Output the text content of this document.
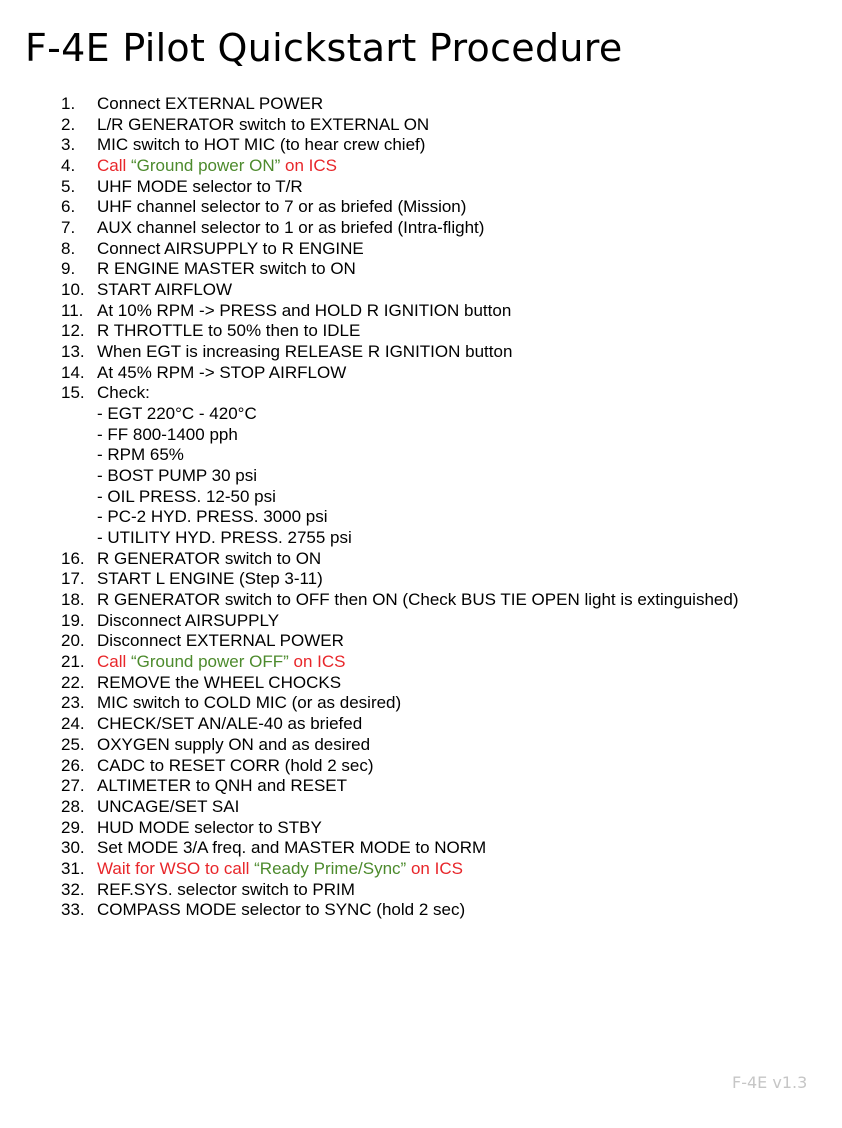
F-4E Pilot Quickstart Procedure
1. Connect EXTERNAL POWER
2. L/R GENERATOR switch to EXTERNAL ON
3. MIC switch to HOT MIC (to hear crew chief)
4. Call “Ground power ON” on ICS
5. UHF MODE selector to T/R
6. UHF channel selector to 7 or as briefed (Mission)
7. AUX channel selector to 1 or as briefed (Intra-flight)
8. Connect AIRSUPPLY to R ENGINE
9. R ENGINE MASTER switch to ON
10. START AIRFLOW
11. At 10% RPM -> PRESS and HOLD R IGNITION button
12. R THROTTLE to 50% then to IDLE
13. When EGT is increasing RELEASE R IGNITION button
14. At 45% RPM -> STOP AIRFLOW
15. Check:
- EGT 220°C - 420°C
- FF 800-1400 pph
- RPM 65%
- BOST PUMP 30 psi
- OIL PRESS. 12-50 psi
- PC-2 HYD. PRESS. 3000 psi
- UTILITY HYD. PRESS. 2755 psi
16. R GENERATOR switch to ON
17. START L ENGINE (Step 3-11)
18. R GENERATOR switch to OFF then ON (Check BUS TIE OPEN light is extinguished)
19. Disconnect AIRSUPPLY
20. Disconnect EXTERNAL POWER
21. Call “Ground power OFF” on ICS
22. REMOVE the WHEEL CHOCKS
23. MIC switch to COLD MIC (or as desired)
24. CHECK/SET AN/ALE-40 as briefed
25. OXYGEN supply ON and as desired
26. CADC to RESET CORR (hold 2 sec)
27. ALTIMETER to QNH and RESET
28. UNCAGE/SET SAI
29. HUD MODE selector to STBY
30. Set MODE 3/A freq. and MASTER MODE to NORM
31. Wait for WSO to call “Ready Prime/Sync” on ICS
32. REF.SYS. selector switch to PRIM
33. COMPASS MODE selector to SYNC (hold 2 sec)
F-4E v1.3
